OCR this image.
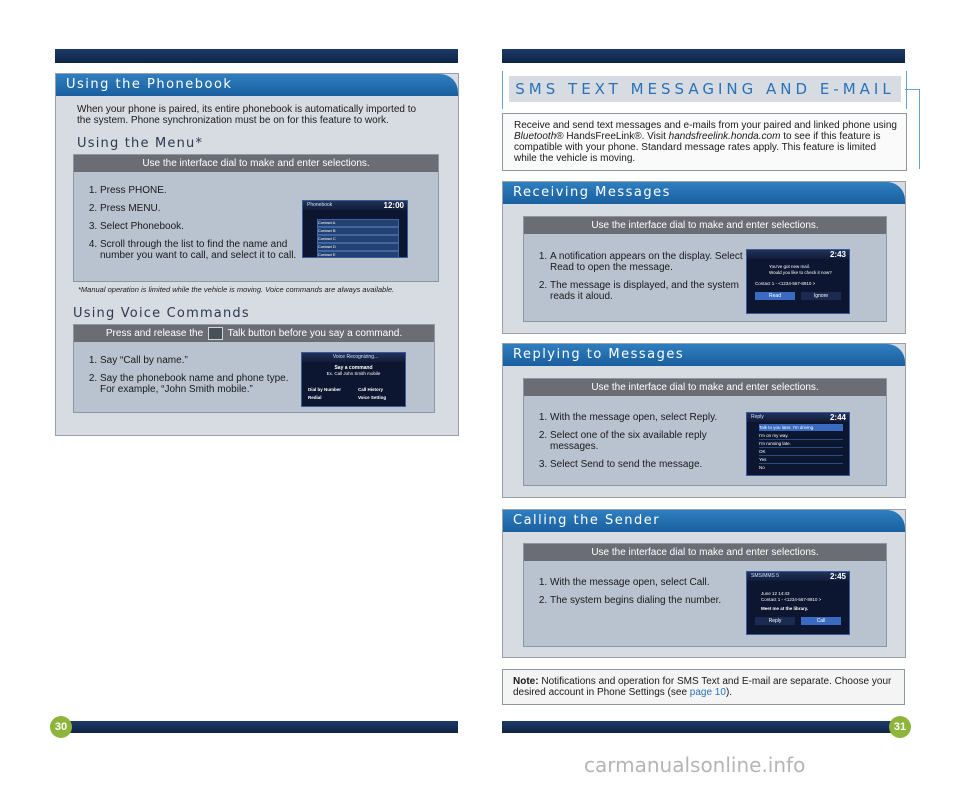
Using the Phonebook
When your phone is paired, its entire phonebook is automatically imported to the system. Phone synchronization must be on for this feature to work.
Using the Menu*
Use the interface dial to make and enter selections.
1. Press PHONE.
2. Press MENU.
3. Select Phonebook.
4. Scroll through the list to find the name and number you want to call, and select it to call.
Phonebook	12:00
Contact A
Contact B
Contact C
Contact D
Contact E
*Manual operation is limited while the vehicle is moving. Voice commands are always available.
Using Voice Commands
Press and release the Talk button before you say a command.
1. Say “Call by name.”
2. Say the phonebook name and phone type. For example, “John Smith mobile.”
Voice Recognizing...
Say a command
Ex. Call John Smith mobile
Dial by Number	Call History
Redial	Voice Setting
30
SMS TEXT MESSAGING AND E-MAIL
Receive and send text messages and e-mails from your paired and linked phone using Bluetooth® HandsFreeLink®. Visit handsfreelink.honda.com to see if this feature is compatible with your phone. Standard message rates apply. This feature is limited while the vehicle is moving.
Receiving Messages
Use the interface dial to make and enter selections.
1. A notification appears on the display. Select Read to open the message.
2. The message is displayed, and the system reads it aloud.
2:43
You've got new mail.
Would you like to check it now?
Contact 1 - <1234-567-8910 >
Read	Ignore
Replying to Messages
Use the interface dial to make and enter selections.
1. With the message open, select Reply.
2. Select one of the six available reply messages.
3. Select Send to send the message.
Reply	2:44
Talk to you later, I'm driving.
I'm on my way.
I'm running late.
OK
Yes
No
Calling the Sender
Use the interface dial to make and enter selections.
1. With the message open, select Call.
2. The system begins dialing the number.
SMS/MMS 5	2:45
June 12 14:43
Contact 1 - <1234-567-8910 >
Meet me at the library.
Reply	Call
Note: Notifications and operation for SMS Text and E-mail are separate. Choose your desired account in Phone Settings (see page 10).
31
carmanualsonline.info
